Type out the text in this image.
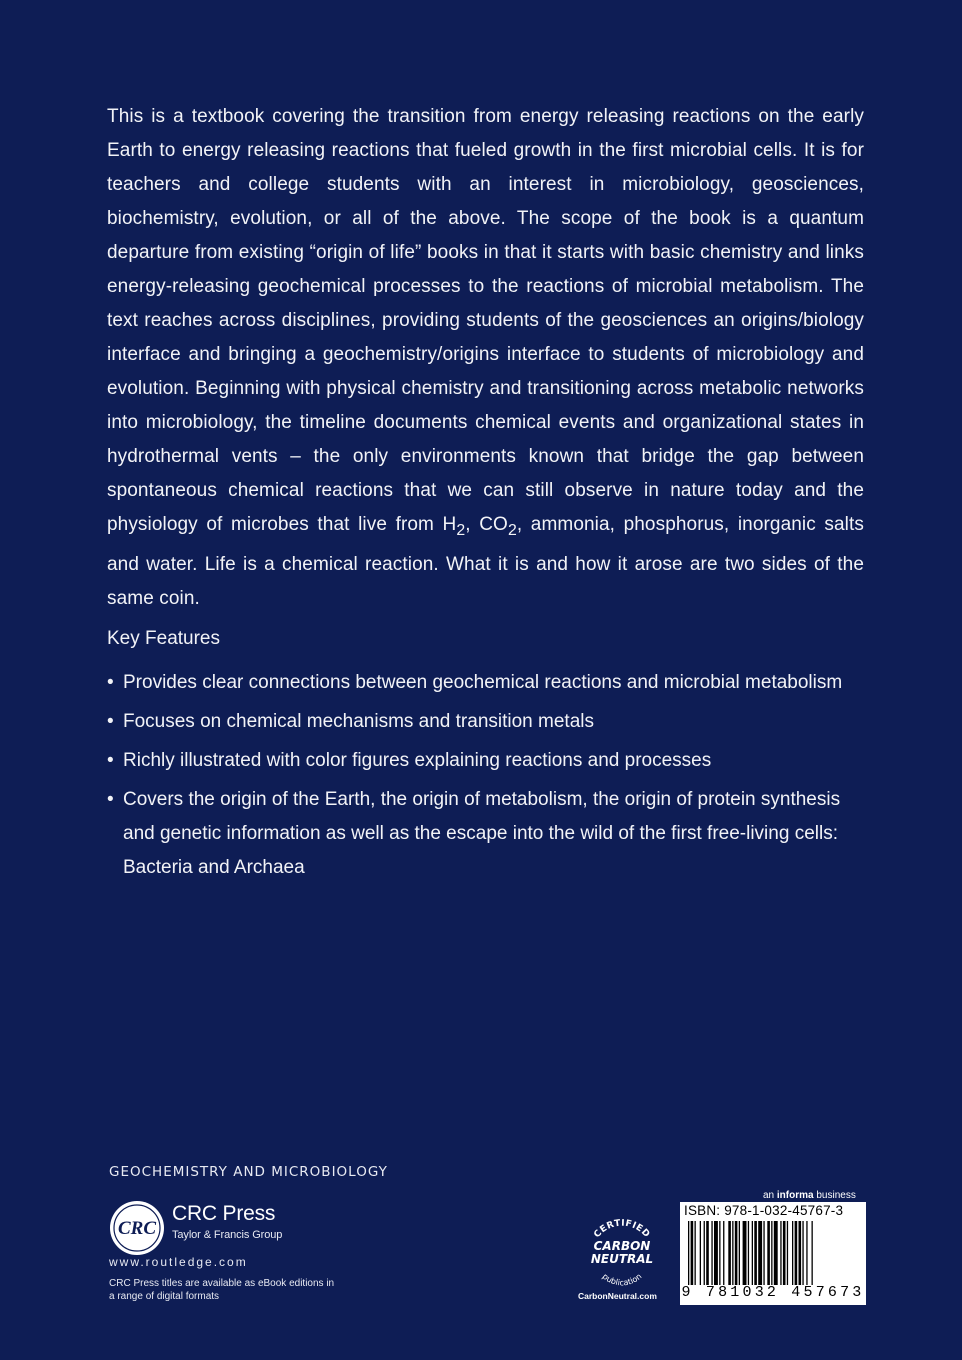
This is a textbook covering the transition from energy releasing reactions on the early Earth to energy releasing reactions that fueled growth in the first microbial cells. It is for teachers and college students with an interest in microbiology, geosciences, biochemistry, evolution, or all of the above. The scope of the book is a quantum departure from existing “origin of life” books in that it starts with basic chemistry and links energy-releasing geochemical processes to the reactions of microbial metabolism. The text reaches across disciplines, providing students of the geosciences an origins/biology interface and bringing a geochemistry/origins interface to students of microbiology and evolution. Beginning with physical chemistry and transitioning across metabolic networks into microbiology, the timeline documents chemical events and organizational states in hydrothermal vents – the only environments known that bridge the gap between spontaneous chemical reactions that we can still observe in nature today and the physiology of microbes that live from $H_2$, $CO_2$, ammonia, phosphorus, inorganic salts and water. Life is a chemical reaction. What it is and how it arose are two sides of the same coin.

Key Features
• Provides clear connections between geochemical reactions and microbial metabolism
• Focuses on chemical mechanisms and transition metals
• Richly illustrated with color figures explaining reactions and processes
• Covers the origin of the Earth, the origin of metabolism, the origin of protein synthesis and genetic information as well as the escape into the wild of the first free-living cells: Bacteria and Archaea
GEOCHEMISTRY AND MICROBIOLOGY
CRC
CRC Press
Taylor & Francis Group
www.routledge.com
CRC Press titles are available as eBook editions in a range of digital formats
CERTIFIED
CARBON
NEUTRAL
publication
CarbonNeutral.com
an informa business
ISBN: 978-1-032-45767-3
9 781032 457673
